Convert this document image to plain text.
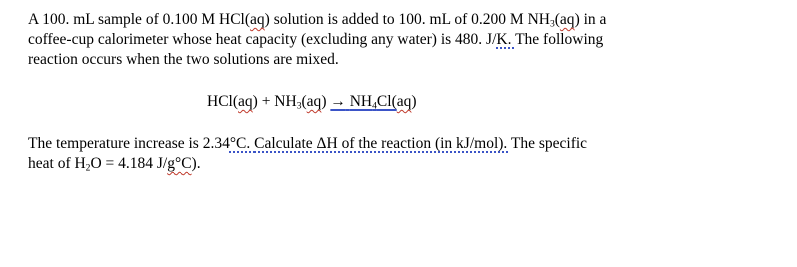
A 100. mL sample of 0.100 M HCl(aq) solution is added to 100. mL of 0.200 M $NH_3(aq)$ in a
coffee-cup calorimeter whose heat capacity (excluding any water) is 480. J/K. The following
reaction occurs when the two solutions are mixed.

$HCl(aq) + NH_3(aq) \to NH_4Cl(aq)$

The temperature increase is 2.34°C. Calculate ΔH of the reaction (in kJ/mol). The specific
heat of $H_2O = 4.184$ J/g°C).
